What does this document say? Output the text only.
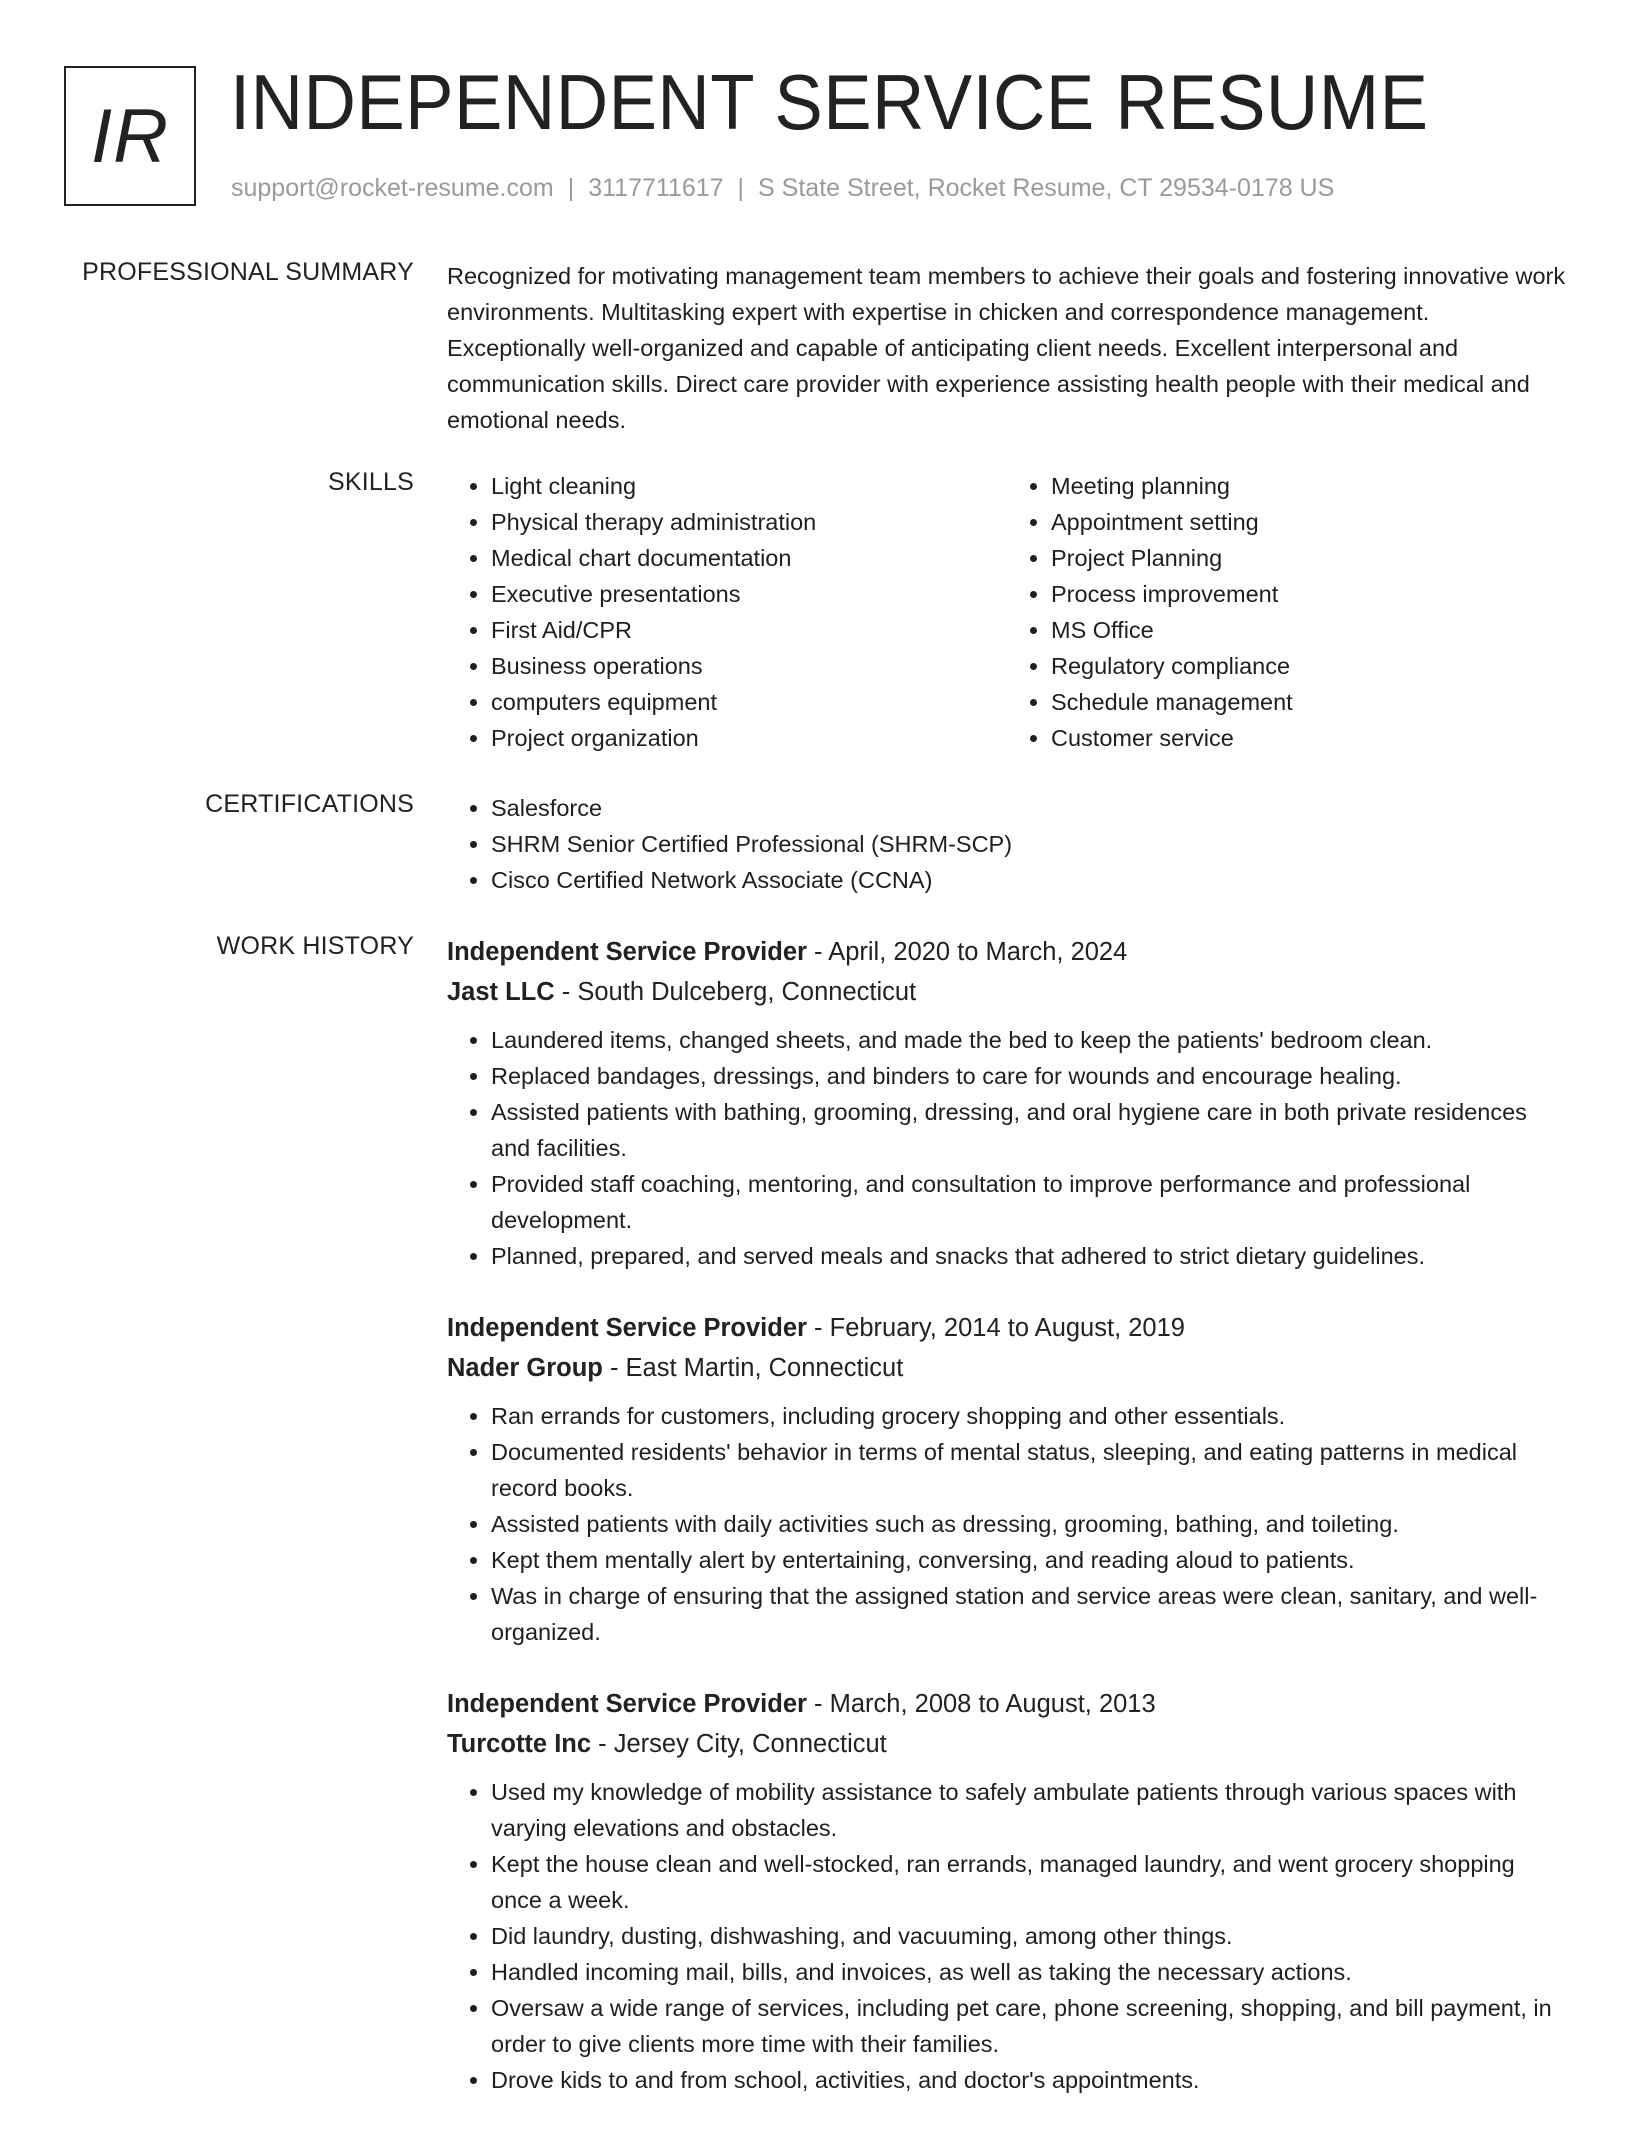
IR INDEPENDENT SERVICE RESUME
support@rocket-resume.com | 3117711617 | S State Street, Rocket Resume, CT 29534-0178 US
PROFESSIONAL SUMMARY Recognized for motivating management team members to achieve their goals and fostering innovative work environments. Multitasking expert with expertise in chicken and correspondence management. Exceptionally well-organized and capable of anticipating client needs. Excellent interpersonal and communication skills. Direct care provider with experience assisting health people with their medical and emotional needs.

SKILLS	• Light cleaning
• Physical therapy administration
• Medical chart documentation
• Executive presentations
• First Aid/CPR
• Business operations
• computers equipment
• Project organization
• Meeting planning
• Appointment setting
• Project Planning
• Process improvement
• MS Office
• Regulatory compliance
• Schedule management
• Customer service
CERTIFICATIONS	• Salesforce
• SHRM Senior Certified Professional (SHRM-SCP)
• Cisco Certified Network Associate (CCNA)
WORK HISTORY Independent Service Provider - April, 2020 to March, 2024
Jast LLC - South Dulceberg, Connecticut
• Laundered items, changed sheets, and made the bed to keep the patients' bedroom clean.
• Replaced bandages, dressings, and binders to care for wounds and encourage healing.
• Assisted patients with bathing, grooming, dressing, and oral hygiene care in both private residences and facilities.
• Provided staff coaching, mentoring, and consultation to improve performance and professional development.
• Planned, prepared, and served meals and snacks that adhered to strict dietary guidelines.
Independent Service Provider - February, 2014 to August, 2019
Nader Group - East Martin, Connecticut
• Ran errands for customers, including grocery shopping and other essentials.
• Documented residents' behavior in terms of mental status, sleeping, and eating patterns in medical record books.
• Assisted patients with daily activities such as dressing, grooming, bathing, and toileting.
• Kept them mentally alert by entertaining, conversing, and reading aloud to patients.
• Was in charge of ensuring that the assigned station and service areas were clean, sanitary, and well-organized.
Independent Service Provider - March, 2008 to August, 2013
Turcotte Inc - Jersey City, Connecticut
• Used my knowledge of mobility assistance to safely ambulate patients through various spaces with varying elevations and obstacles.
• Kept the house clean and well-stocked, ran errands, managed laundry, and went grocery shopping once a week.
• Did laundry, dusting, dishwashing, and vacuuming, among other things.
• Handled incoming mail, bills, and invoices, as well as taking the necessary actions.
• Oversaw a wide range of services, including pet care, phone screening, shopping, and bill payment, in order to give clients more time with their families.
• Drove kids to and from school, activities, and doctor's appointments.
